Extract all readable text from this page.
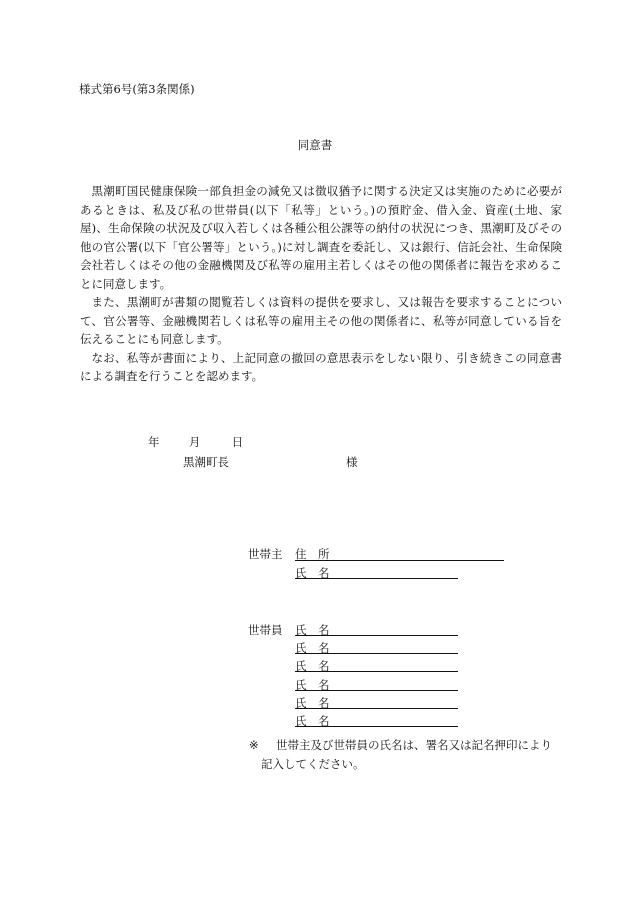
様式第6号(第3条関係)
同意書

黒潮町国民健康保険一部負担金の減免又は徴収猶予に関する決定又は実施のために必要があるときは、私及び私の世帯員(以下「私等」という。)の預貯金、借入金、資産(土地、家屋)、生命保険の状況及び収入若しくは各種公租公課等の納付の状況につき、黒潮町及びその他の官公署(以下「官公署等」という。)に対し調査を委託し、又は銀行、信託会社、生命保険会社若しくはその他の金融機関及び私等の雇用主若しくはその他の関係者に報告を求めることに同意します。

また、黒潮町が書類の閲覧若しくは資料の提供を要求し、又は報告を要求することについて、官公署等、金融機関若しくは私等の雇用主その他の関係者に、私等が同意している旨を伝えることにも同意します。

なお、私等が書面により、上記同意の撤回の意思表示をしない限り、引き続きこの同意書による調査を行うことを認めます。

年	月	日
黒潮町長	様
世帯主 住　所
氏　名
世帯員 氏　名
氏　名
氏　名
氏　名
氏　名
氏　名
※ 世帯主及び世帯員の氏名は、署名又は記名押印により
記入してください。
